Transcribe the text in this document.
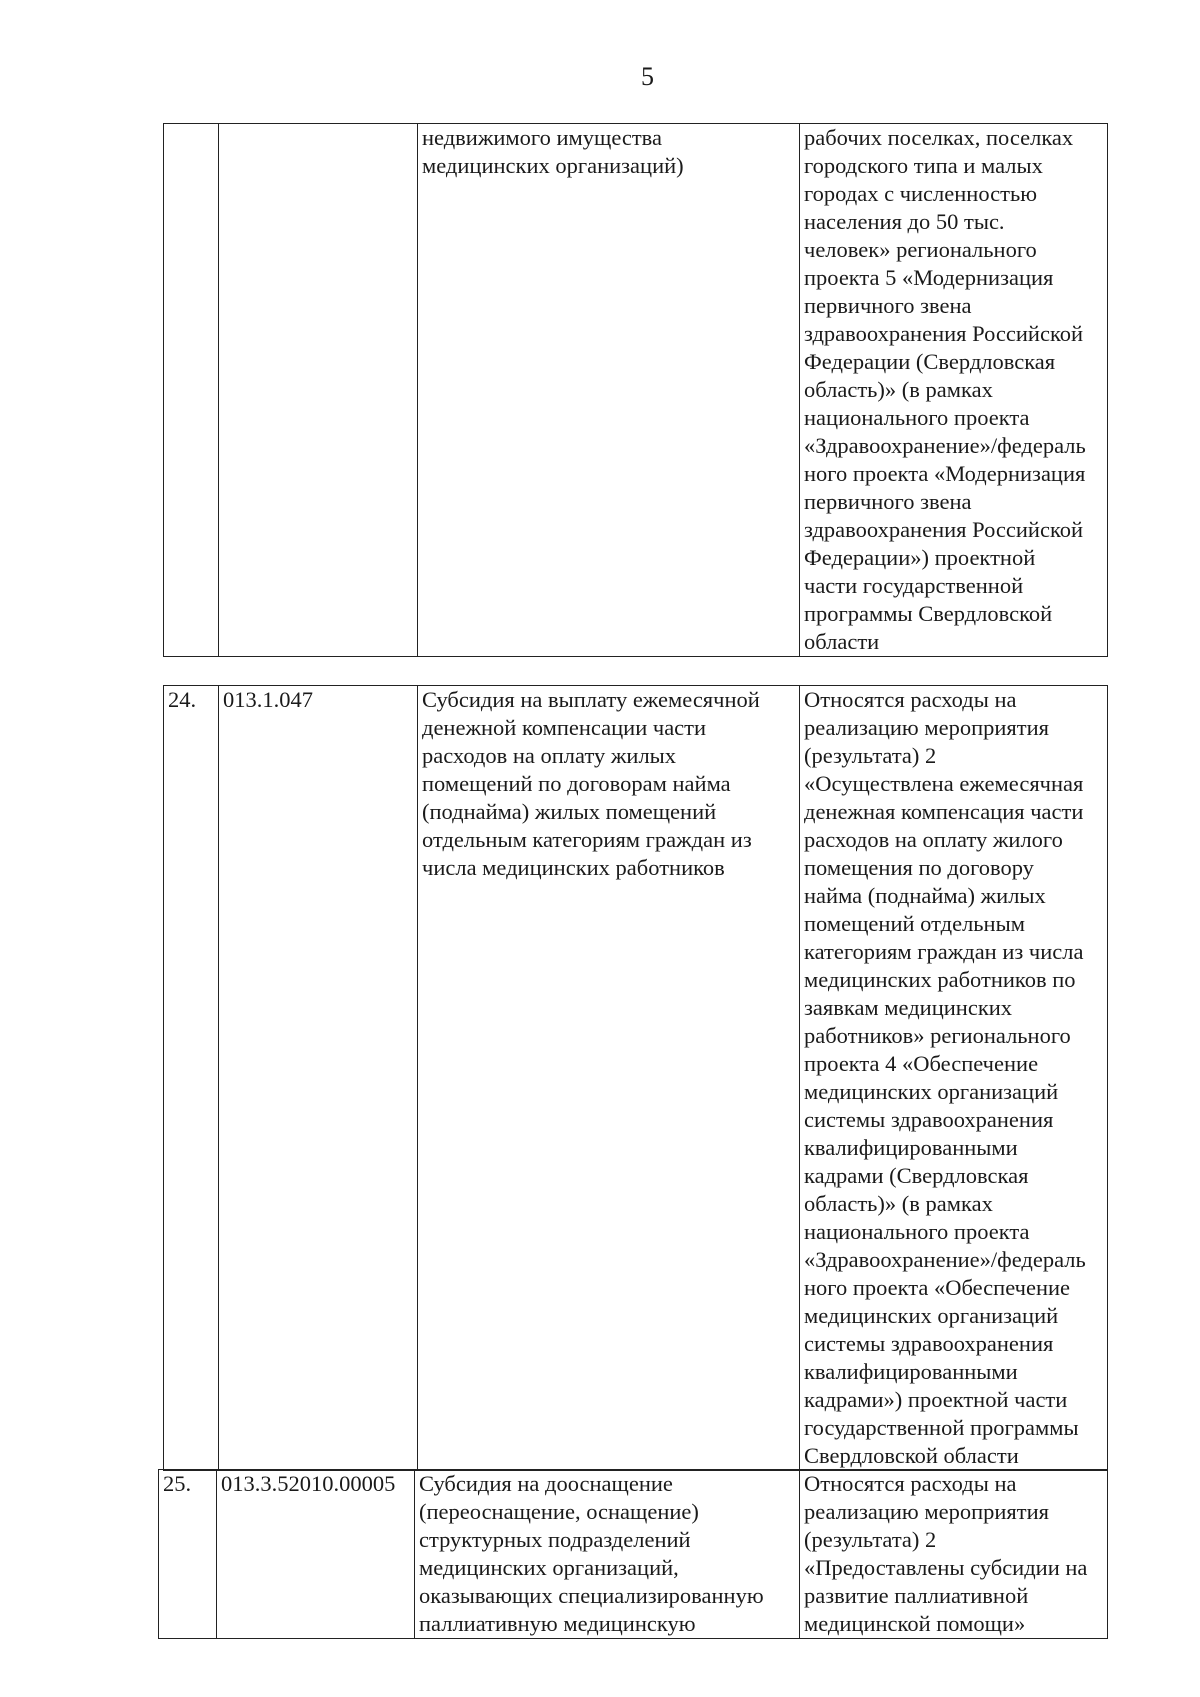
5
		недвижимого имущества
медицинских организаций)	рабочих поселках, поселках
городского типа и малых
городах с численностью
населения до 50 тыс.
человек» регионального
проекта 5 «Модернизация
первичного звена
здравоохранения Российской
Федерации (Свердловская
область)» (в рамках
национального проекта
«Здравоохранение»/федераль
ного проекта «Модернизация
первичного звена
здравоохранения Российской
Федерации») проектной
части государственной
программы Свердловской
области
24.	013.1.047	Субсидия на выплату ежемесячной
денежной компенсации части
расходов на оплату жилых
помещений по договорам найма
(поднайма) жилых помещений
отдельным категориям граждан из
числа медицинских работников	Относятся расходы на
реализацию мероприятия
(результата) 2
«Осуществлена ежемесячная
денежная компенсация части
расходов на оплату жилого
помещения по договору
найма (поднайма) жилых
помещений отдельным
категориям граждан из числа
медицинских работников по
заявкам медицинских
работников» регионального
проекта 4 «Обеспечение
медицинских организаций
системы здравоохранения
квалифицированными
кадрами (Свердловская
область)» (в рамках
национального проекта
«Здравоохранение»/федераль
ного проекта «Обеспечение
медицинских организаций
системы здравоохранения
квалифицированными
кадрами») проектной части
государственной программы
Свердловской области
25.	013.3.52010.00005	Субсидия на дооснащение
(переоснащение, оснащение)
структурных подразделений
медицинских организаций,
оказывающих специализированную
паллиативную медицинскую	Относятся расходы на
реализацию мероприятия
(результата) 2
«Предоставлены субсидии на
развитие паллиативной
медицинской помощи»
